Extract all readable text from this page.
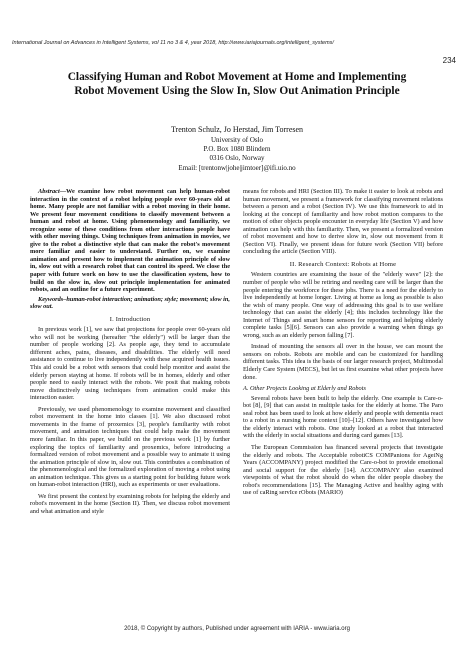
International Journal on Advances in Intelligent Systems, vol 11 no 3 & 4, year 2018, http://www.iariajournals.org/intelligent_systems/
234
Classifying Human and Robot Movement at Home and Implementing
Robot Movement Using the Slow In, Slow Out Animation Principle
Trenton Schulz, Jo Herstad, Jim Torresen
University of Oslo
P.O. Box 1080 Blindern
0316 Oslo, Norway
Email: [trentonw|johe|jimtoer]@ifi.uio.no

Abstract—We examine how robot movement can help human-robot interaction in the context of a robot helping people over 60-years old at home. Many people are not familiar with a robot moving in their home. We present four movement conditions to classify movement between a human and robot at home. Using phenomenology and familiarity, we recognize some of these conditions from other interactions people have with other moving things. Using techniques from animation in movies, we give to the robot a distinctive style that can make the robot's movement more familiar and easier to understand. Further on, we examine animation and present how to implement the animation principle of slow in, slow out with a research robot that can control its speed. We close the paper with future work on how to use the classification system, how to build on the slow in, slow out principle implementation for animated robots, and an outline for a future experiment.

Keywords–human-robot interaction; animation; style; movement; slow in, slow out.

I. Introduction

In previous work [1], we saw that projections for people over 60-years old who will not be working (hereafter "the elderly") will be larger than the number of people working [2]. As people age, they tend to accumulate different aches, pains, diseases, and disabilities. The elderly will need assistance to continue to live independently with these acquired health issues. This aid could be a robot with sensors that could help monitor and assist the elderly person staying at home. If robots will be in homes, elderly and other people need to easily interact with the robots. We posit that making robots move distinctively using techniques from animation could make this interaction easier.

Previously, we used phenomenology to examine movement and classified robot movement in the home into classes [1]. We also discussed robot movements in the frame of proxemics [3], people's familiarity with robot movement, and animation techniques that could help make the movement more familiar. In this paper, we build on the previous work [1] by further exploring the topics of familiarity and proxemics, before introducing a formalized version of robot movement and a possible way to animate it using the animation principle of slow in, slow out. This contributes a combination of the phenomenological and the formalized exploration of moving a robot using an animation technique. This gives us a starting point for building future work on human-robot interaction (HRI), such as experiments or user evaluations.

We first present the context by examining robots for helping the elderly and robot's movement in the home (Section II). Then, we discuss robot movement and what animation and style

means for robots and HRI (Section III). To make it easier to look at robots and human movement, we present a framework for classifying movement relations between a person and a robot (Section IV). We use this framework to aid in looking at the concept of familiarity and how robot motion compares to the motion of other objects people encounter in everyday life (Section V) and how animation can help with this familiarity. Then, we present a formalized version of robot movement and how to derive slow in, slow out movement from it (Section VI). Finally, we present ideas for future work (Section VII) before concluding the article (Section VIII).

II. Research Context: Robots at Home

Western countries are examining the issue of the "elderly wave" [2]: the number of people who will be retiring and needing care will be larger than the people entering the workforce for these jobs. There is a need for the elderly to live independently at home longer. Living at home as long as possible is also the wish of many people. One way of addressing this goal is to use welfare technology that can assist the elderly [4]; this includes technology like the Internet of Things and smart home sensors for reporting and helping elderly complete tasks [5][6]. Sensors can also provide a warning when things go wrong, such as an elderly person falling [7].

Instead of mounting the sensors all over in the house, we can mount the sensors on robots. Robots are mobile and can be customized for handling different tasks. This idea is the basis of our larger research project, Multimodal Elderly Care System (MECS), but let us first examine what other projects have done.

A. Other Projects Looking at Elderly and Robots

Several robots have been built to help the elderly. One example is Care-o-bot [8], [9] that can assist in multiple tasks for the elderly at home. The Paro seal robot has been used to look at how elderly and people with dementia react to a robot in a nursing home context [10]–[12]. Others have investigated how the elderly interact with robots. One study looked at a robot that interacted with the elderly in social situations and during card games [13].

The European Commission has financed several projects that investigate the elderly and robots. The Acceptable robotiCS COMPanions for AgeiNg Years (ACCOMPANY) project modified the Care-o-bot to provide emotional and social support for the elderly [14]. ACCOMPANY also examined viewpoints of what the robot should do when the older people disobey the robot's recommendations [15]. The Managing Active and healthy aging with use of caRing servIce rObots (MARIO)

2018, © Copyright by authors, Published under agreement with IARIA - www.iaria.org
